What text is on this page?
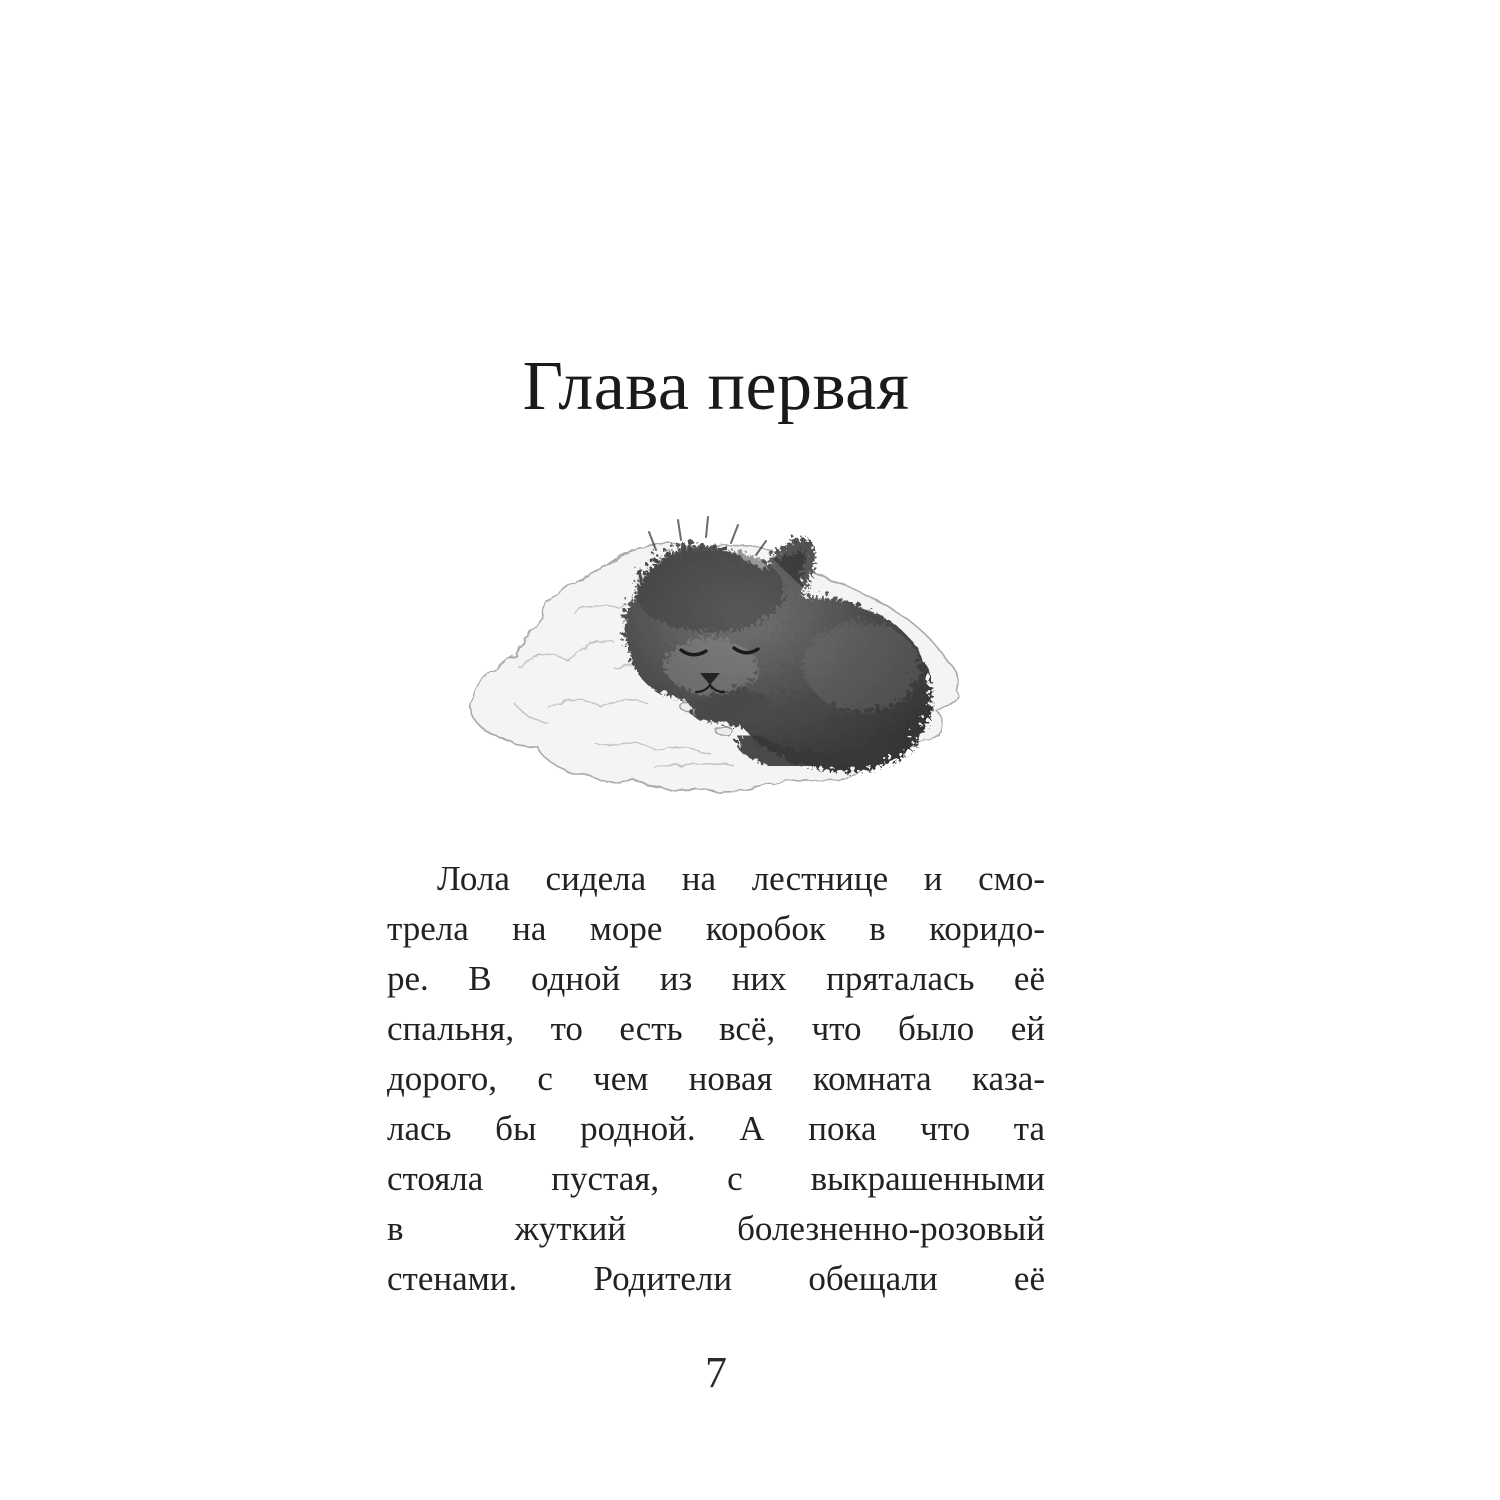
Глава первая
Лола сидела на лестнице и смо-
трела на море коробок в коридо-
ре. В одной из них пряталась её
спальня, то есть всё, что было ей
дорого, с чем новая комната каза-
лась бы родной. А пока что та
стояла пустая, с выкрашенными
в жуткий болезненно-розовый
стенами. Родители обещали её
7
